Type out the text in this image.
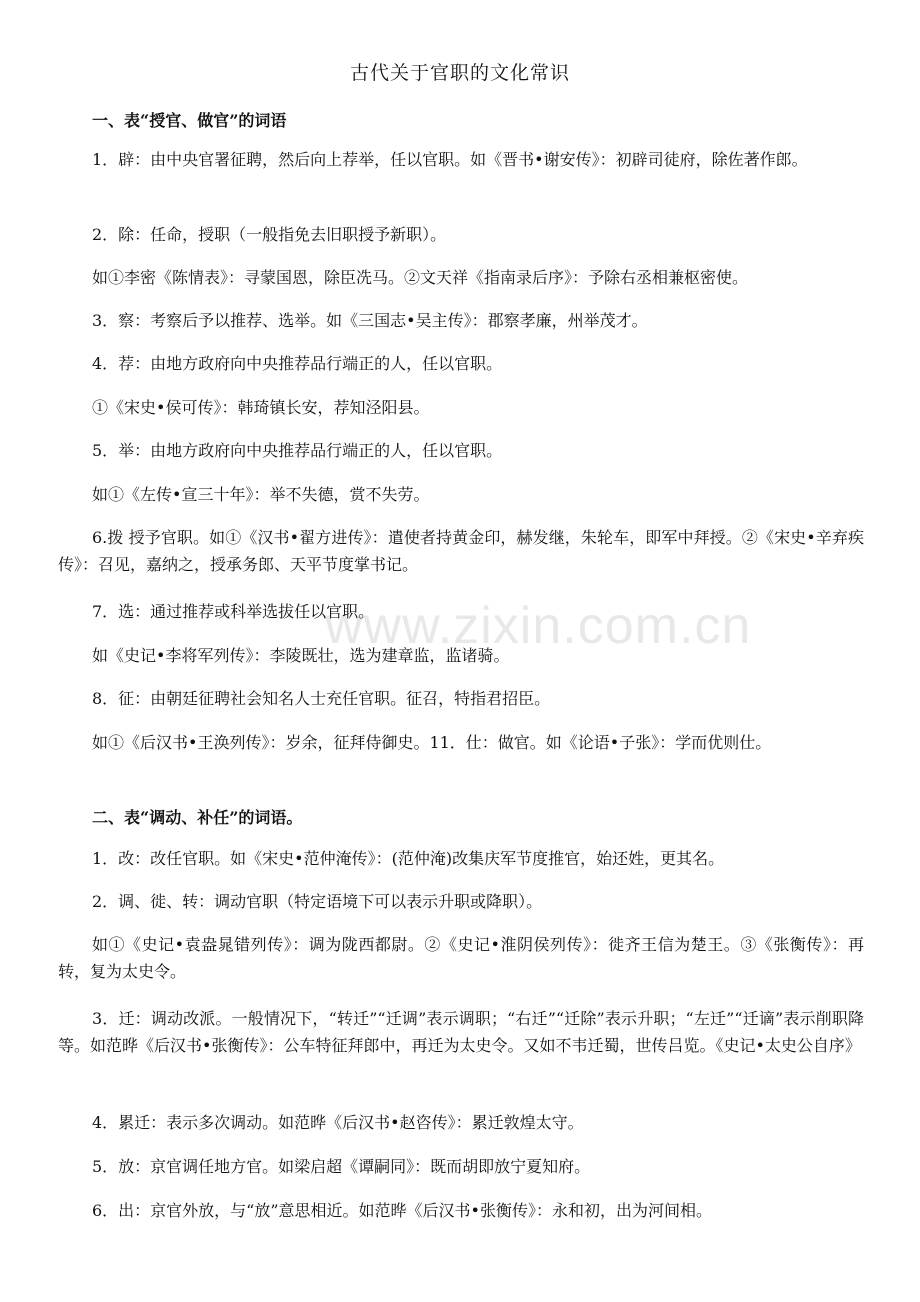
www.zixin.com.cn
古代关于官职的文化常识
一、表“授官、做官”的词语
1．辟：由中央官署征聘，然后向上荐举，任以官职。如《晋书•谢安传》：初辟司徒府，除佐著作郎。
2．除：任命，授职（一般指免去旧职授予新职）。
如①李密《陈情表》：寻蒙国恩，除臣冼马。②文天祥《指南录后序》：予除右丞相兼枢密使。
3．察：考察后予以推荐、选举。如《三国志•吴主传》：郡察孝廉，州举茂才。
4．荐：由地方政府向中央推荐品行端正的人，任以官职。
①《宋史•侯可传》：韩琦镇长安，荐知泾阳县。
5．举：由地方政府向中央推荐品行端正的人，任以官职。
如①《左传•宣三十年》：举不失德，赏不失劳。
6.拨 授予官职。如①《汉书•翟方进传》：遣使者持黄金印，赫发继，朱轮车，即军中拜授。②《宋史•辛弃疾传》：召见，嘉纳之，授承务郎、天平节度掌书记。
7．选：通过推荐或科举选拔任以官职。
如《史记•李将军列传》：李陵既壮，选为建章监，监诸骑。
8．征：由朝廷征聘社会知名人士充任官职。征召，特指君招臣。
如①《后汉书•王涣列传》：岁余，征拜侍御史。11．仕：做官。如《论语•子张》：学而优则仕。
二、表“调动、补任”的词语。
1．改：改任官职。如《宋史•范仲淹传》：(范仲淹)改集庆军节度推官，始还姓，更其名。
2．调、徙、转：调动官职（特定语境下可以表示升职或降职）。
如①《史记•袁盎晁错列传》：调为陇西都尉。②《史记•淮阴侯列传》：徙齐王信为楚王。③《张衡传》：再转，复为太史令。
3．迁：调动改派。一般情况下，“转迁”“迁调”表示调职；“右迁”“迁除”表示升职；“左迁”“迁谪”表示削职降等。如范晔《后汉书•张衡传》：公车特征拜郎中，再迁为太史令。又如不韦迁蜀，世传吕览。《史记•太史公自序》
4．累迁：表示多次调动。如范晔《后汉书•赵咨传》：累迁敦煌太守。
5．放：京官调任地方官。如梁启超《谭嗣同》：既而胡即放宁夏知府。
6．出：京官外放，与“放”意思相近。如范晔《后汉书•张衡传》：永和初，出为河间相。
